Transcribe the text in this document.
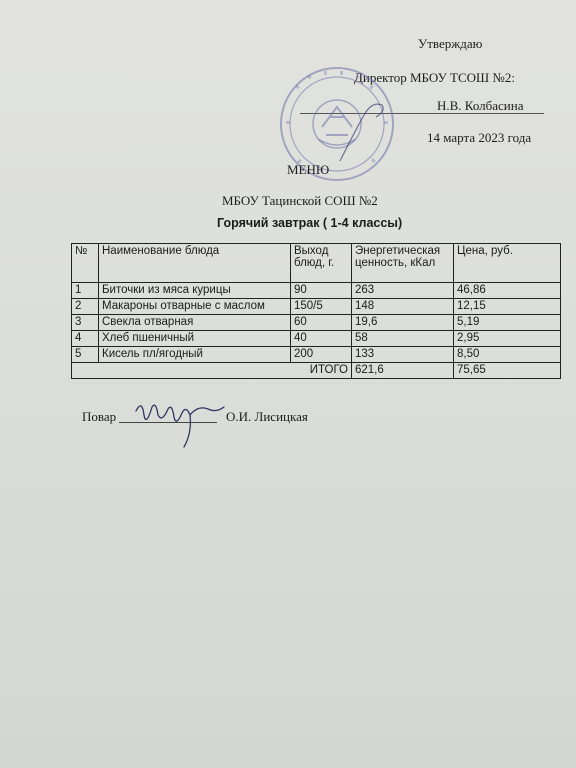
Утверждаю
Директор МБОУ ТСОШ №2:
Н.В. Колбасина
14 марта 2023 года
МЕНЮ
МБОУ Тацинской СОШ №2
Горячий завтрак ( 1-4 классы)
№	Наименование блюда	Выход блюд, г.	Энергетическая ценность, кКал	Цена, руб.
1	Биточки из мяса курицы	90	263	46,86
2	Макароны отварные с маслом	150/5	148	12,15
3	Свекла отварная	60	19,6	5,19
4	Хлеб пшеничный	40	58	2,95
5	Кисель пл/ягодный	200	133	8,50
ИТОГО			621,6	75,65
Повар	О.И. Лисицкая
